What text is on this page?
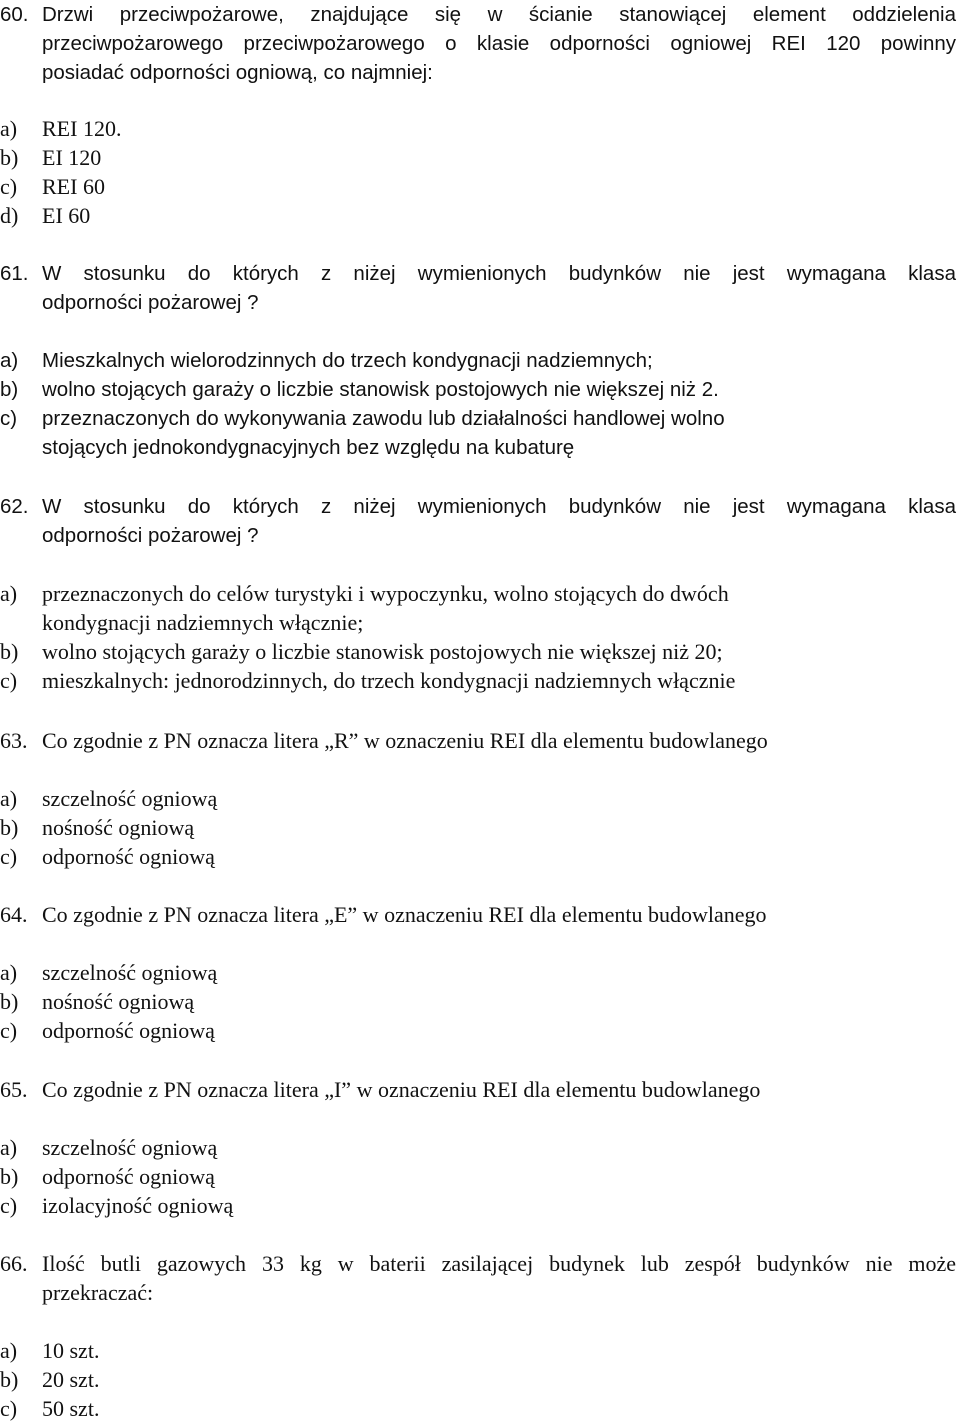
60. Drzwi przeciwpożarowe, znajdujące się w ścianie stanowiącej element oddzielenia
przeciwpożarowego przeciwpożarowego o klasie odporności ogniowej REI 120 powinny
posiadać odporności ogniową, co najmniej:
a) REI 120.
b) EI 120
c) REI 60
d) EI 60
61. W stosunku do których z niżej wymienionych budynków nie jest wymagana klasa
odporności pożarowej ?
a) Mieszkalnych wielorodzinnych do trzech kondygnacji nadziemnych;
b) wolno stojących garaży o liczbie stanowisk postojowych nie większej niż 2.
c) przeznaczonych do wykonywania zawodu lub działalności handlowej wolno
stojących jednokondygnacyjnych bez względu na kubaturę
62. W stosunku do których z niżej wymienionych budynków nie jest wymagana klasa
odporności pożarowej ?
a) przeznaczonych do celów turystyki i wypoczynku, wolno stojących do dwóch
kondygnacji nadziemnych włącznie;
b) wolno stojących garaży o liczbie stanowisk postojowych nie większej niż 20;
c) mieszkalnych: jednorodzinnych, do trzech kondygnacji nadziemnych włącznie
63. Co zgodnie z PN oznacza litera „R” w oznaczeniu REI dla elementu budowlanego
a) szczelność ogniową
b) nośność ogniową
c) odporność ogniową
64. Co zgodnie z PN oznacza litera „E” w oznaczeniu REI dla elementu budowlanego
a) szczelność ogniową
b) nośność ogniową
c) odporność ogniową
65. Co zgodnie z PN oznacza litera „I” w oznaczeniu REI dla elementu budowlanego
a) szczelność ogniową
b) odporność ogniową
c) izolacyjność ogniową
66. Ilość butli gazowych 33 kg w baterii zasilającej budynek lub zespół budynków nie może
przekraczać:
a) 10 szt.
b) 20 szt.
c) 50 szt.
